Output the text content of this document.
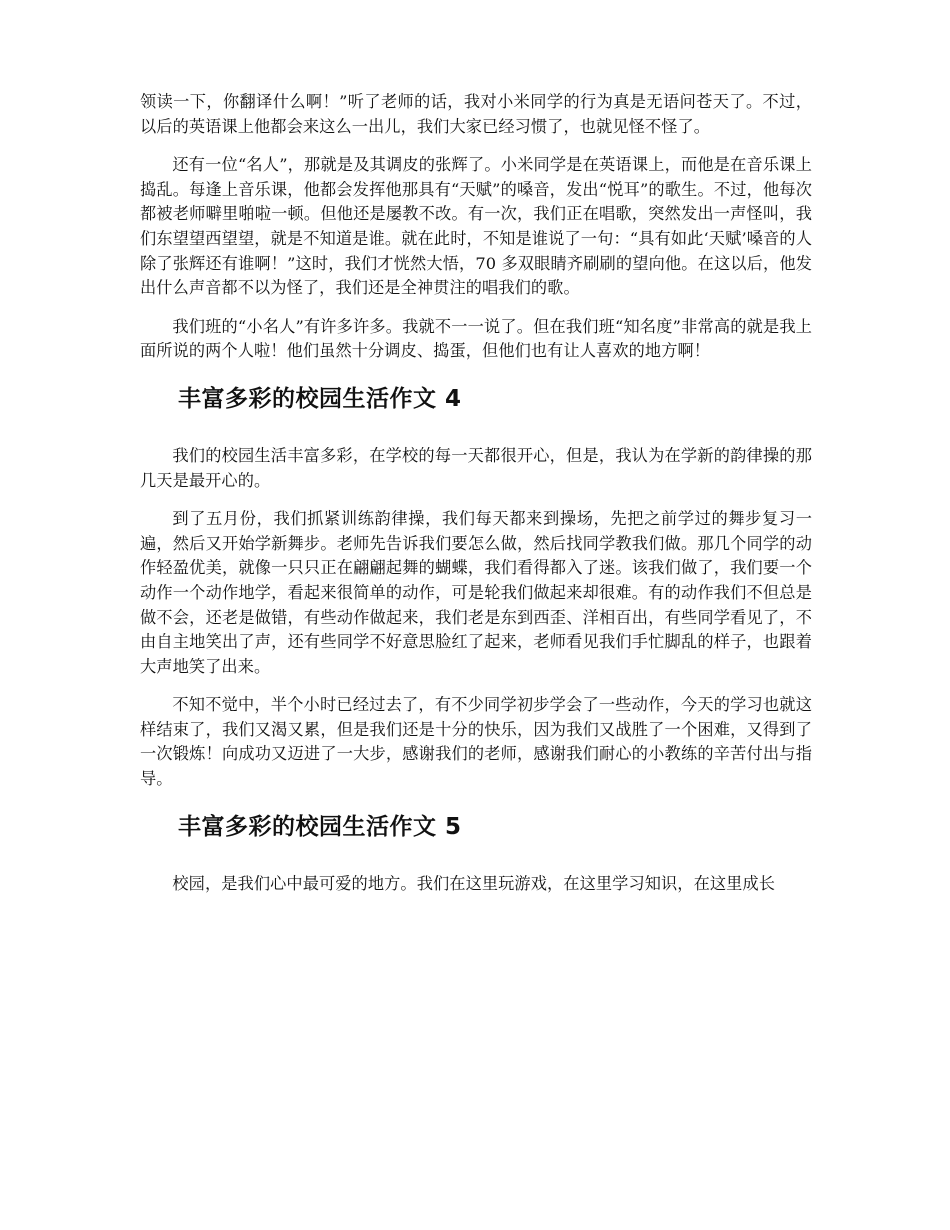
领读一下，你翻译什么啊！”听了老师的话，我对小米同学的行为真是无语问苍天了。不过，以后的英语课上他都会来这么一出儿，我们大家已经习惯了，也就见怪不怪了。

还有一位“名人”，那就是及其调皮的张辉了。小米同学是在英语课上，而他是在音乐课上捣乱。每逢上音乐课，他都会发挥他那具有“天赋”的嗓音，发出“悦耳”的歌生。不过，他每次都被老师噼里啪啦一顿。但他还是屡教不改。有一次，我们正在唱歌，突然发出一声怪叫，我们东望望西望望，就是不知道是谁。就在此时，不知是谁说了一句：“具有如此‘天赋’嗓音的人除了张辉还有谁啊！”这时，我们才恍然大悟，70 多双眼睛齐刷刷的望向他。在这以后，他发出什么声音都不以为怪了，我们还是全神贯注的唱我们的歌。

我们班的“小名人”有许多许多。我就不一一说了。但在我们班“知名度”非常高的就是我上面所说的两个人啦！他们虽然十分调皮、捣蛋，但他们也有让人喜欢的地方啊！

丰富多彩的校园生活作文 4

我们的校园生活丰富多彩，在学校的每一天都很开心，但是，我认为在学新的韵律操的那几天是最开心的。

到了五月份，我们抓紧训练韵律操，我们每天都来到操场，先把之前学过的舞步复习一遍，然后又开始学新舞步。老师先告诉我们要怎么做，然后找同学教我们做。那几个同学的动作轻盈优美，就像一只只正在翩翩起舞的蝴蝶，我们看得都入了迷。该我们做了，我们要一个动作一个动作地学，看起来很简单的动作，可是轮我们做起来却很难。有的动作我们不但总是做不会，还老是做错，有些动作做起来，我们老是东到西歪、洋相百出，有些同学看见了，不由自主地笑出了声，还有些同学不好意思脸红了起来，老师看见我们手忙脚乱的样子，也跟着大声地笑了出来。

不知不觉中，半个小时已经过去了，有不少同学初步学会了一些动作，今天的学习也就这样结束了，我们又渴又累，但是我们还是十分的快乐，因为我们又战胜了一个困难，又得到了一次锻炼！向成功又迈进了一大步，感谢我们的老师，感谢我们耐心的小教练的辛苦付出与指导。

丰富多彩的校园生活作文 5

校园，是我们心中最可爱的地方。我们在这里玩游戏，在这里学习知识，在这里成长
